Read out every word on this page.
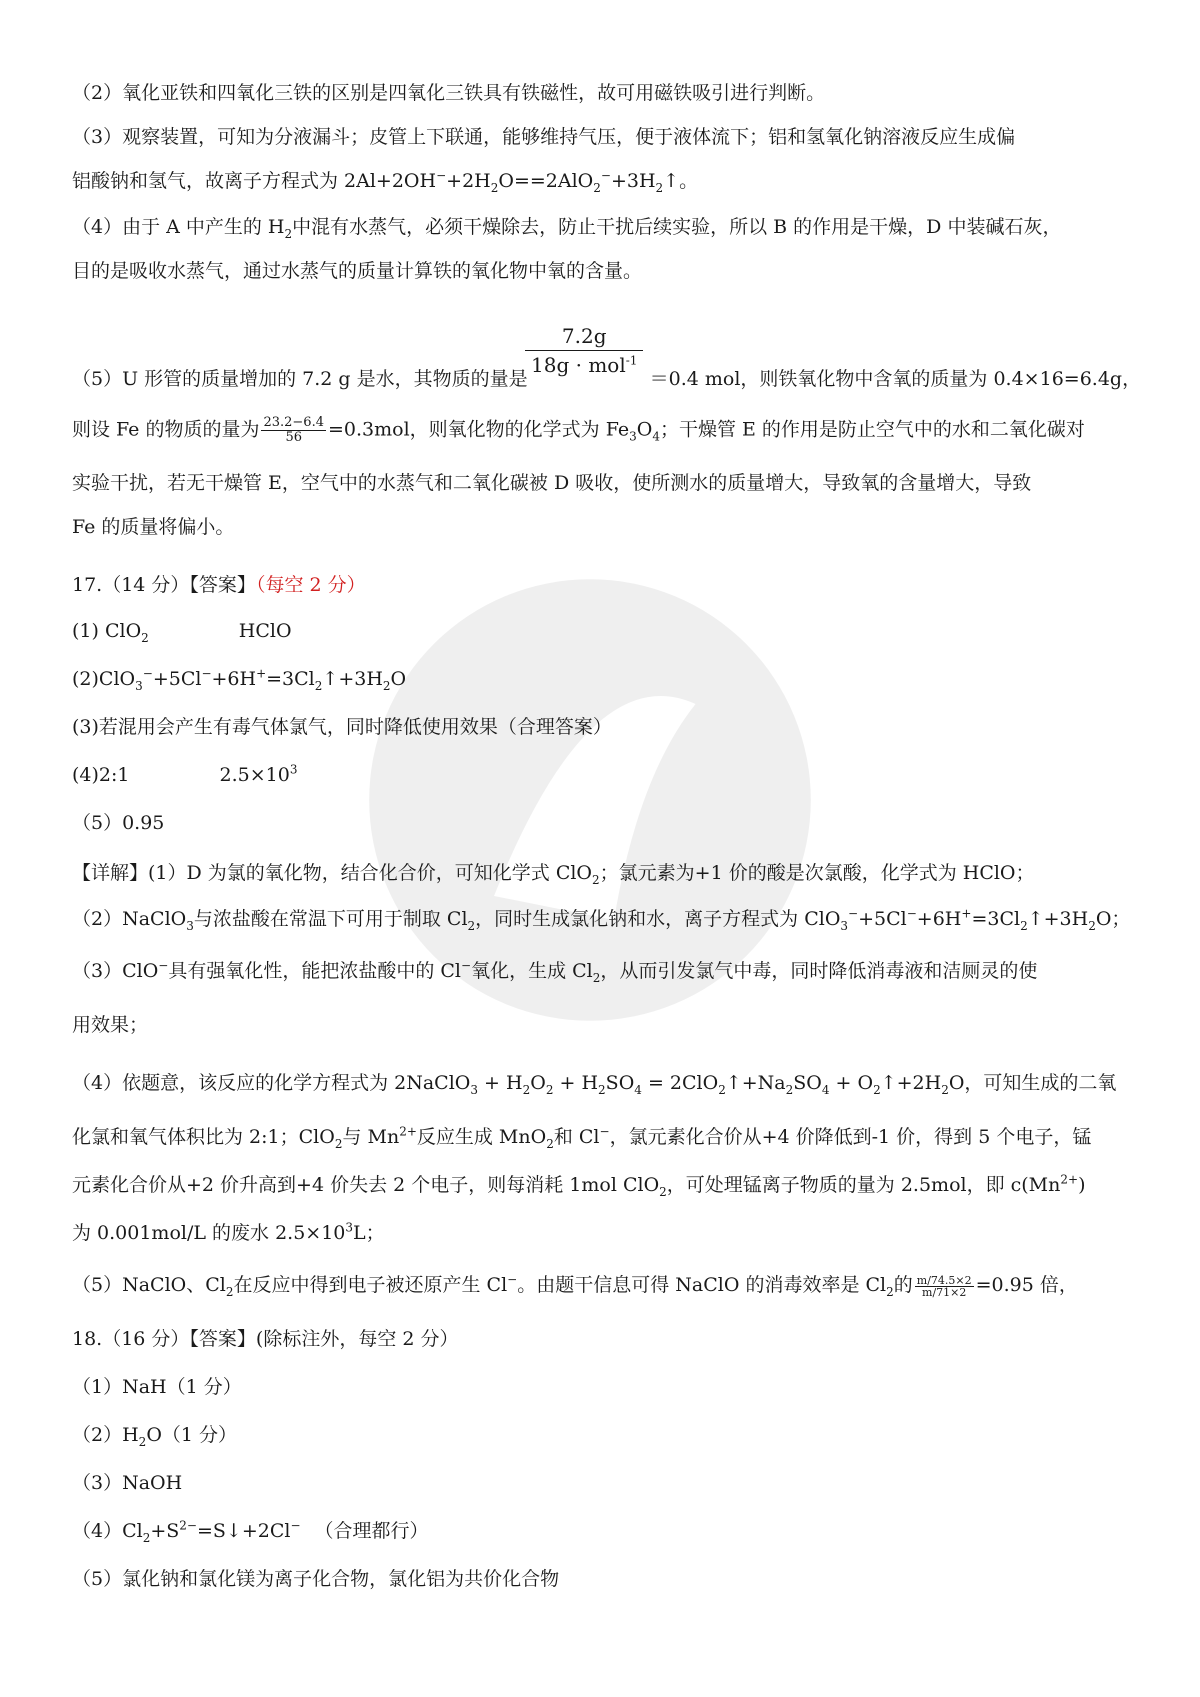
（2）氧化亚铁和四氧化三铁的区别是四氧化三铁具有铁磁性，故可用磁铁吸引进行判断。
（3）观察装置，可知为分液漏斗；皮管上下联通，能够维持气压，便于液体流下；铝和氢氧化钠溶液反应生成偏
铝酸钠和氢气，故离子方程式为 $2Al+2OH^-+2H_2O==2AlO_2^-+3H_2↑$。
（4）由于 A 中产生的 $H_2$中混有水蒸气，必须干燥除去，防止干扰后续实验，所以 B 的作用是干燥，D 中装碱石灰，
目的是吸收水蒸气，通过水蒸气的质量计算铁的氧化物中氧的含量。
7.2g
18g · mol$^{-1}$
（5）U 形管的质量增加的 7.2 g 是水，其物质的量是	＝0.4 mol，则铁氧化物中含氧的质量为 0.4×16=6.4g，
则设 Fe 的物质的量为 $\frac{23.2-6.4}{56} =0.3mol$，则氧化物的化学式为 $Fe_3O_4$；干燥管 E 的作用是防止空气中的水和二氧化碳对
实验干扰，若无干燥管 E，空气中的水蒸气和二氧化碳被 D 吸收，使所测水的质量增大，导致氧的含量增大，导致
Fe 的质量将偏小。
17.（14 分）【答案】（每空 2 分）
(1) ClO$_2$	HClO
$(2)ClO_3^-+5Cl^-+6H^+=3Cl_2↑+3H_2O$
(3)若混用会产生有毒气体氯气，同时降低使用效果（合理答案）
(4)2:1	$2.5\times 10^3$
（5）0.95
【详解】(1）D 为氯的氧化物，结合化合价，可知化学式 ClO$_2$；氯元素为+1 价的酸是次氯酸，化学式为 HClO；
（2）NaClO$_3$与浓盐酸在常温下可用于制取 $Cl_2$，同时生成氯化钠和水，离子方程式为 $ClO_3^-+5Cl^-+6H^+=3Cl_2↑+3H_2O$；
（3）ClO−具有强氧化性，能把浓盐酸中的 Cl−氧化，生成 $Cl_2$，从而引发氯气中毒，同时降低消毒液和洁厕灵的使
用效果；
（4）依题意，该反应的化学方程式为 2NaClO$_3$ + $H_2O_2 + H_2SO_4$ = $2ClO_2↑+Na_2SO_4$ + $O_2↑+2H_2O$，可知生成的二氧
化氯和氧气体积比为 2:1；ClO$_2$与 $Mn^{2+}$反应生成 MnO$_2$和 Cl−，氯元素化合价从+4 价降低到-1 价，得到 5 个电子，锰
元素化合价从+2 价升高到+4 价失去 2 个电子，则每消耗 1mol ClO$_2$，可处理锰离子物质的量为 2.5mol，即 $c(Mn^{2+})$
为 0.001mol/L 的废水 $2.5\times 10^3L$；
（5）NaClO、$Cl_2$在反应中得到电子被还原产生 Cl−。由题干信息可得 NaClO 的消毒效率是 $Cl_2$的 $\frac{m/74.5\times 2}{m/71\times 2} =0.95$ 倍，
18.（16 分）【答案】(除标注外，每空 2 分）
（1）NaH（1 分）
$(2)H_2O(1$ 分）
（3）NaOH
$(4)Cl_2+S^{2-}=S↓+2Cl^-$ （合理都行）
（5）氯化钠和氯化镁为离子化合物，氯化铝为共价化合物
